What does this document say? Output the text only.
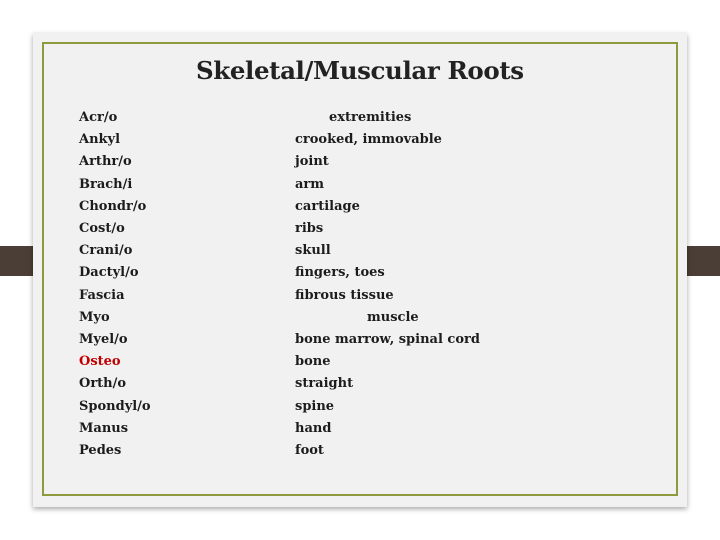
Skeletal/Muscular Roots
Acr/o	extremities
Ankyl	crooked, immovable
Arthr/o	joint
Brach/i	arm
Chondr/o	cartilage
Cost/o	ribs
Crani/o	skull
Dactyl/o	fingers, toes
Fascia	fibrous tissue
Myo	muscle
Myel/o	bone marrow, spinal cord
Osteo	bone
Orth/o	straight
Spondyl/o	spine
Manus	hand
Pedes	foot
